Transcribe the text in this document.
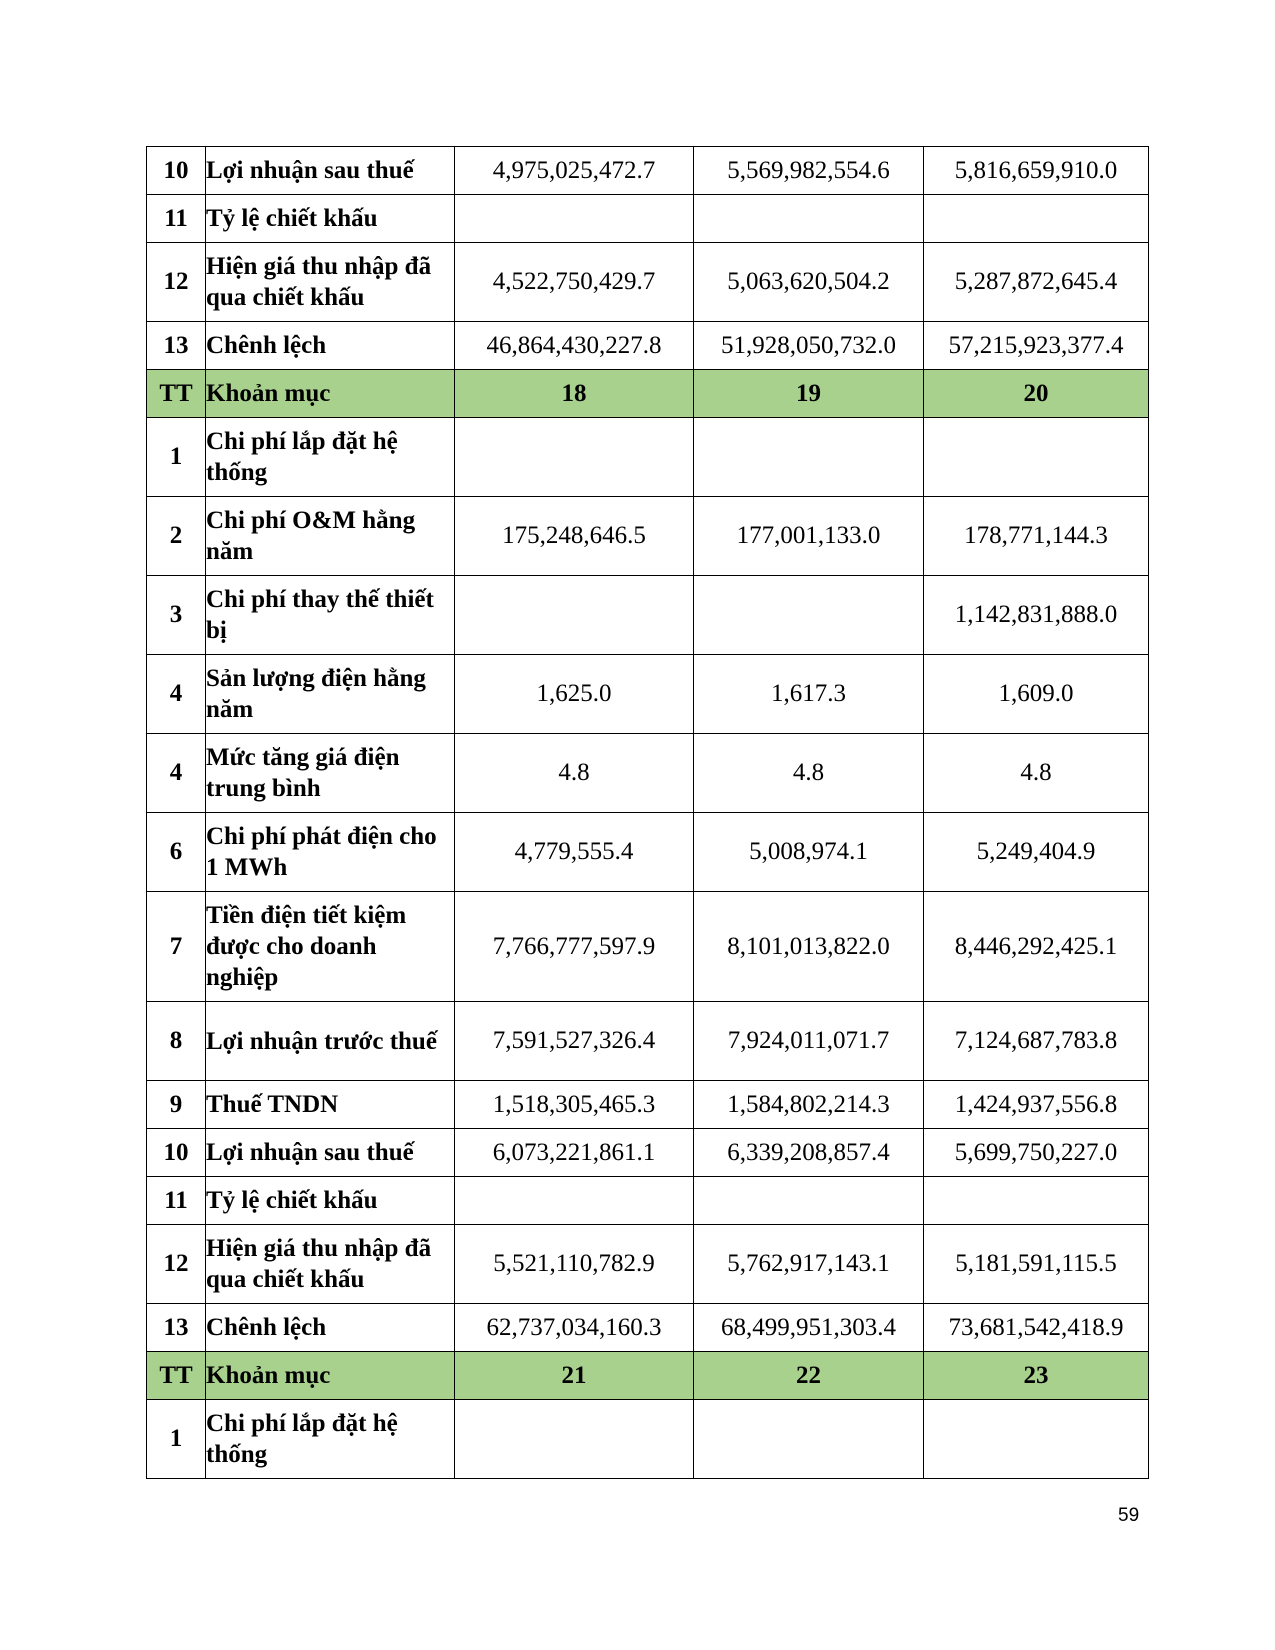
10	Lợi nhuận sau thuế	4,975,025,472.7	5,569,982,554.6	5,816,659,910.0
11	Tỷ lệ chiết khấu			
12	Hiện giá thu nhập đã qua chiết khấu	4,522,750,429.7	5,063,620,504.2	5,287,872,645.4
13	Chênh lệch	46,864,430,227.8	51,928,050,732.0	57,215,923,377.4
TT	Khoản mục	18	19	20
1	Chi phí lắp đặt hệ thống			
2	Chi phí O&M hằng năm	175,248,646.5	177,001,133.0	178,771,144.3
3	Chi phí thay thế thiết bị			1,142,831,888.0
4	Sản lượng điện hằng năm	1,625.0	1,617.3	1,609.0
4	Mức tăng giá điện trung bình	4.8	4.8	4.8
6	Chi phí phát điện cho 1 MWh	4,779,555.4	5,008,974.1	5,249,404.9
7	Tiền điện tiết kiệm được cho doanh nghiệp	7,766,777,597.9	8,101,013,822.0	8,446,292,425.1
8	Lợi nhuận trước thuế	7,591,527,326.4	7,924,011,071.7	7,124,687,783.8
9	Thuế TNDN	1,518,305,465.3	1,584,802,214.3	1,424,937,556.8
10	Lợi nhuận sau thuế	6,073,221,861.1	6,339,208,857.4	5,699,750,227.0
11	Tỷ lệ chiết khấu			
12	Hiện giá thu nhập đã qua chiết khấu	5,521,110,782.9	5,762,917,143.1	5,181,591,115.5
13	Chênh lệch	62,737,034,160.3	68,499,951,303.4	73,681,542,418.9
TT	Khoản mục	21	22	23
1	Chi phí lắp đặt hệ thống			
59
